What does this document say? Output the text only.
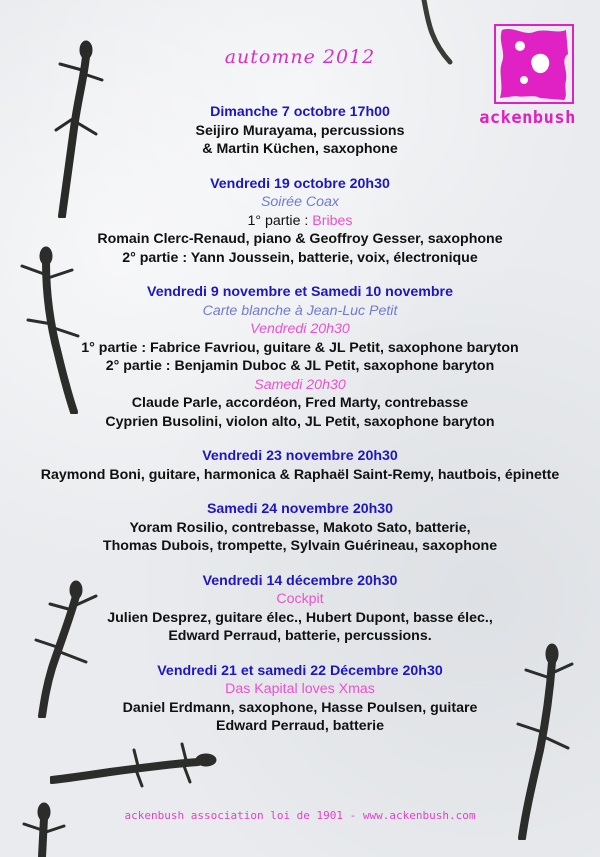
ackenbush
automne 2012
Dimanche 7 octobre 17h00
Seijiro Murayama, percussions
& Martin Küchen, saxophone
Vendredi 19 octobre 20h30
Soirée Coax
1° partie : Bribes
Romain Clerc-Renaud, piano & Geoffroy Gesser, saxophone
2° partie : Yann Joussein, batterie, voix, électronique
Vendredi 9 novembre et Samedi 10 novembre
Carte blanche à Jean-Luc Petit
Vendredi 20h30
1° partie : Fabrice Favriou, guitare & JL Petit, saxophone baryton
2° partie : Benjamin Duboc & JL Petit, saxophone baryton
Samedi 20h30
Claude Parle, accordéon, Fred Marty, contrebasse
Cyprien Busolini, violon alto, JL Petit, saxophone baryton
Vendredi 23 novembre 20h30
Raymond Boni, guitare, harmonica & Raphaël Saint-Remy, hautbois, épinette
Samedi 24 novembre 20h30
Yoram Rosilio, contrebasse, Makoto Sato, batterie,
Thomas Dubois, trompette, Sylvain Guérineau, saxophone
Vendredi 14 décembre 20h30
Cockpit
Julien Desprez, guitare élec., Hubert Dupont, basse élec.,
Edward Perraud, batterie, percussions.
Vendredi 21 et samedi 22 Décembre 20h30
Das Kapital loves Xmas
Daniel Erdmann, saxophone, Hasse Poulsen, guitare
Edward Perraud, batterie
ackenbush association loi de 1901 - www.ackenbush.com
